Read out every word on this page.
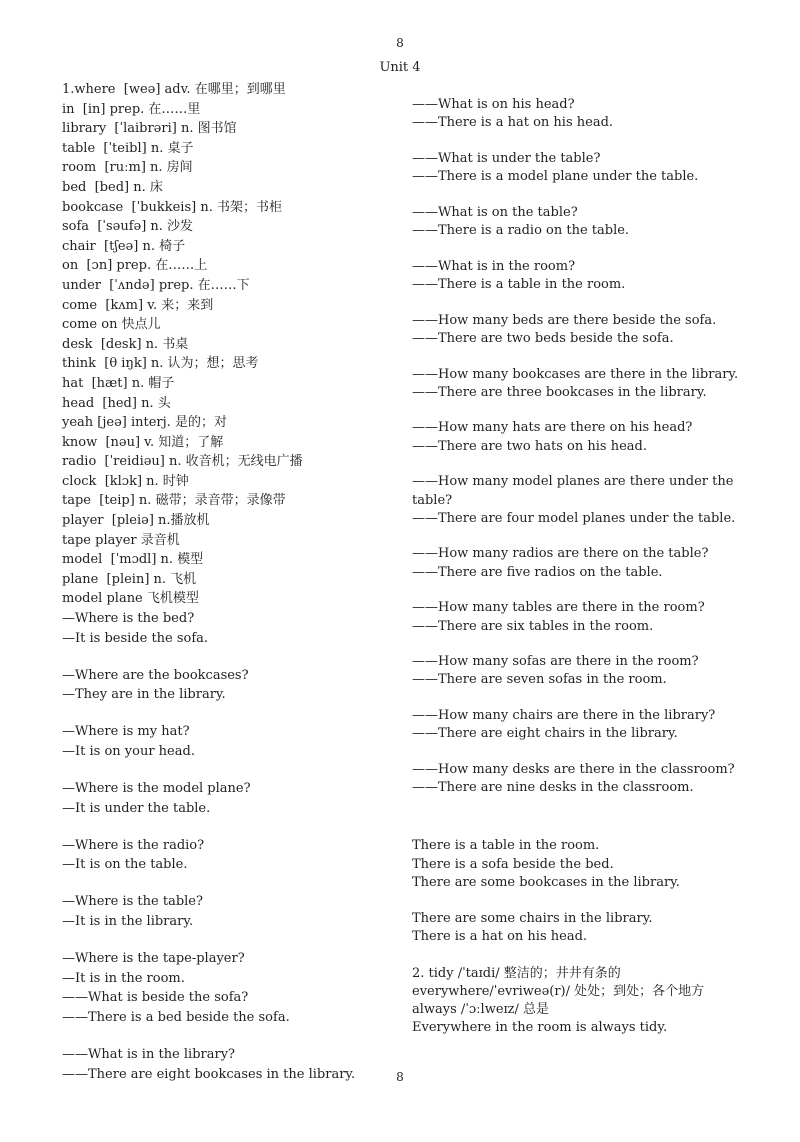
8
Unit 4
1.where  [weə] adv. 在哪里；到哪里
in  [in] prep. 在……里
library  [ˈlaibrəri] n. 图书馆
table  [ˈteibl] n. 桌子
room  [ruːm] n. 房间
bed  [bed] n. 床
bookcase  [ˈbukkeis] n. 书架；书柜
sofa  [ˈsəufə] n. 沙发
chair  [tʃeə] n. 椅子
on  [ɔn] prep. 在……上
under  [ˈʌndə] prep. 在……下
come  [kʌm] v. 来；来到
come on 快点儿
desk  [desk] n. 书桌
think  [θ iŋk] n. 认为；想；思考
hat  [hæt] n. 帽子
head  [hed] n. 头
yeah [jeə] interj. 是的；对
know  [nəu] v. 知道；了解
radio  [ˈreidiəu] n. 收音机；无线电广播
clock  [klɔk] n. 时钟
tape  [teip] n. 磁带；录音带；录像带
player  [pleiə] n.播放机
tape player 录音机
model  [ˈmɔdl] n. 模型
plane  [plein] n. 飞机
model plane 飞机模型
—Where is the bed?
—It is beside the sofa.
—Where are the bookcases?
—They are in the library.
—Where is my hat?
—It is on your head.
—Where is the model plane?
—It is under the table.
—Where is the radio?
—It is on the table.
—Where is the table?
—It is in the library.
—Where is the tape-player?
—It is in the room.
——What is beside the sofa?
——There is a bed beside the sofa.
——What is in the library?
——There are eight bookcases in the library.
——What is on his head?
——There is a hat on his head.
——What is under the table?
——There is a model plane under the table.
——What is on the table?
——There is a radio on the table.
——What is in the room?
——There is a table in the room.
——How many beds are there beside the sofa.
——There are two beds beside the sofa.
——How many bookcases are there in the library.
——There are three bookcases in the library.
——How many hats are there on his head?
——There are two hats on his head.
——How many model planes are there under the table?
——There are four model planes under the table.
——How many radios are there on the table?
——There are five radios on the table.
——How many tables are there in the room?
——There are six tables in the room.
——How many sofas are there in the room?
——There are seven sofas in the room.
——How many chairs are there in the library?
——There are eight chairs in the library.
——How many desks are there in the classroom?
——There are nine desks in the classroom.
There is a table in the room.
There is a sofa beside the bed.
There are some bookcases in the library.
There are some chairs in the library.
There is a hat on his head.
2. tidy /ˈtaɪdi/ 整洁的；井井有条的
everywhere/ˈevriweə(r)/ 处处；到处；各个地方
always /ˈɔːlweɪz/ 总是
Everywhere in the room is always tidy.
8
